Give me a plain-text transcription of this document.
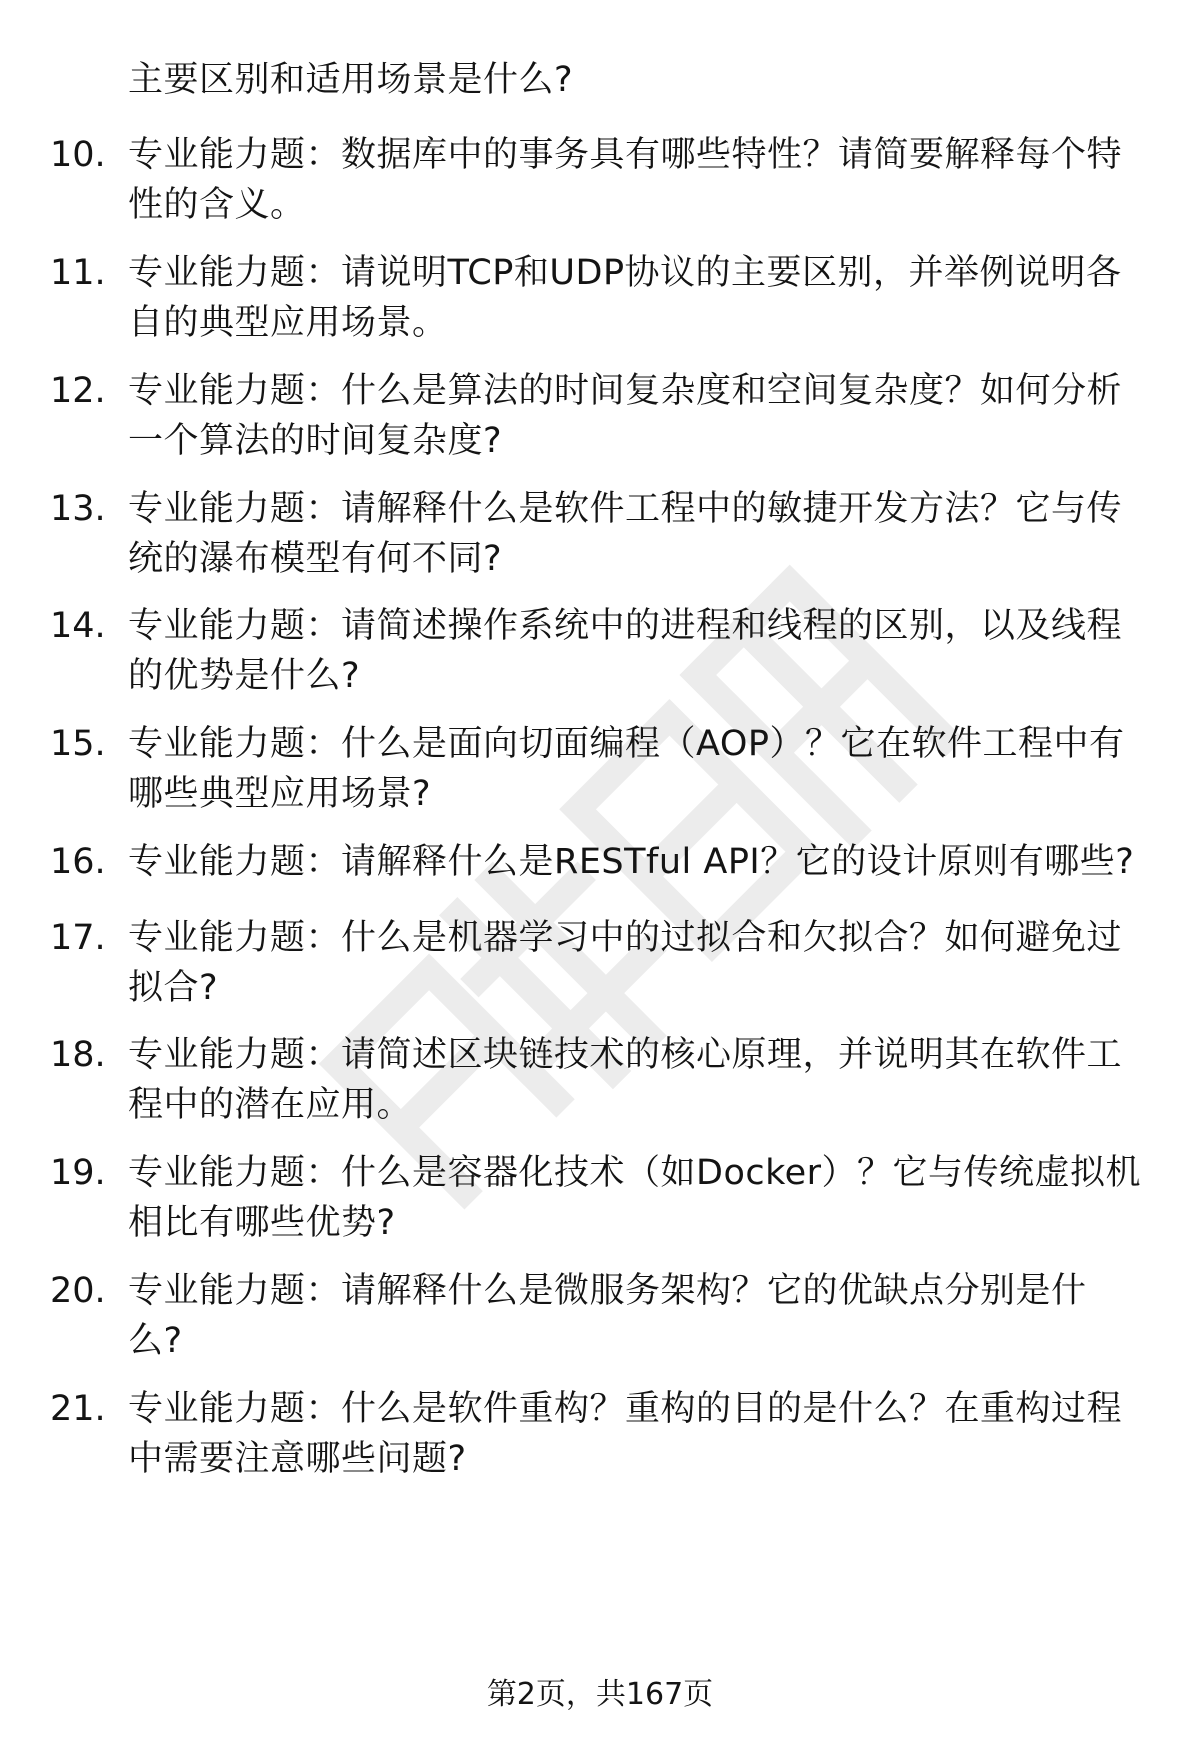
主要区别和适用场景是什么?
10. 专业能力题：数据库中的事务具有哪些特性？请简要解释每个特
性的含义。
11. 专业能力题：请说明TCP和UDP协议的主要区别，并举例说明各
自的典型应用场景。
12. 专业能力题：什么是算法的时间复杂度和空间复杂度？如何分析
一个算法的时间复杂度?
13. 专业能力题：请解释什么是软件工程中的敏捷开发方法？它与传
统的瀑布模型有何不同?
14. 专业能力题：请简述操作系统中的进程和线程的区别，以及线程
的优势是什么?
15. 专业能力题：什么是面向切面编程（AOP）？它在软件工程中有
哪些典型应用场景?
16. 专业能力题：请解释什么是RESTful API？它的设计原则有哪些?
17. 专业能力题：什么是机器学习中的过拟合和欠拟合？如何避免过
拟合?
18. 专业能力题：请简述区块链技术的核心原理，并说明其在软件工
程中的潜在应用。
19. 专业能力题：什么是容器化技术（如Docker）？它与传统虚拟机
相比有哪些优势?
20. 专业能力题：请解释什么是微服务架构？它的优缺点分别是什
么?
21. 专业能力题：什么是软件重构？重构的目的是什么？在重构过程
中需要注意哪些问题?
第2页，共167页
